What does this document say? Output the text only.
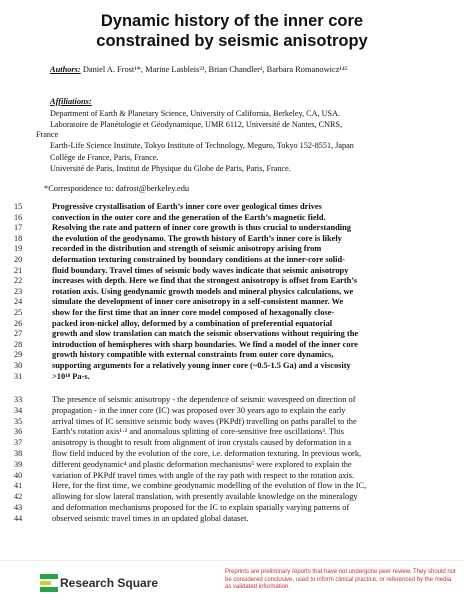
Dynamic history of the inner core
constrained by seismic anisotropy
Authors: Daniel A. Frost¹*, Marine Lasbleis²³, Brian Chandler¹, Barbara Romanowicz¹⁴⁵
Affiliations:
Department of Earth & Planetary Science, University of California, Berkeley, CA, USA.
Laboratoire de Planétologie et Géodynamique, UMR 6112, Université de Nantes, CNRS,
France
Earth-Life Science Institute, Tokyo Institute of Technology, Meguro, Tokyo 152-8551, Japan
Collège de France, Paris, France.
Université de Paris, Institut de Physique du Globe de Paris, Paris, France.
*Correspondence to: dafrost@berkeley.edu
15	Progressive crystallisation of Earth’s inner core over geological times drives
16	convection in the outer core and the generation of the Earth’s magnetic field.
17	Resolving the rate and pattern of inner core growth is thus crucial to understanding
18	the evolution of the geodynamo. The growth history of Earth’s inner core is likely
19	recorded in the distribution and strength of seismic anisotropy arising from
20	deformation texturing constrained by boundary conditions at the inner-core solid-
21	fluid boundary. Travel times of seismic body waves indicate that seismic anisotropy
22	increases with depth. Here we find that the strongest anisotropy is offset from Earth’s
23	rotation axis. Using geodynamic growth models and mineral physics calculations, we
24	simulate the development of inner core anisotropy in a self-consistent manner. We
25	show for the first time that an inner core model composed of hexagonally close-
26	packed iron-nickel alloy, deformed by a combination of preferential equatorial
27	growth and slow translation can match the seismic observations without requiring the
28	introduction of hemispheres with sharp boundaries. We find a model of the inner core
29	growth history compatible with external constraints from outer core dynamics,
30	supporting arguments for a relatively young inner core (~0.5-1.5 Ga) and a viscosity
31	>10¹⁸ Pa-s.
33	The presence of seismic anisotropy - the dependence of seismic wavespeed on direction of
34	propagation - in the inner core (IC) was proposed over 30 years ago to explain the early
35	arrival times of IC sensitive seismic body waves (PKPdf) travelling on paths parallel to the
36	Earth’s rotation axis¹·² and anomalous splitting of core-sensitive free oscillations³. This
37	anisotropy is thought to result from alignment of iron crystals caused by deformation in a
38	flow field induced by the evolution of the core, i.e. deformation texturing. In previous work,
39	different geodynamic⁴ and plastic deformation mechanisms⁵ were explored to explain the
40	variation of PKPdf travel times with angle of the ray path with respect to the rotation axis.
41	Here, for the first time, we combine geodynamic modelling of the evolution of flow in the IC,
42	allowing for slow lateral translation, with presently available knowledge on the mineralogy
43	and deformation mechanisms proposed for the IC to explain spatially varying patterns of
44	observed seismic travel times in an updated global dataset.
Research Square
Preprints are preliminary reports that have not undergone peer review. They should not be considered conclusive, used to inform clinical practice, or referenced by the media as validated information.
